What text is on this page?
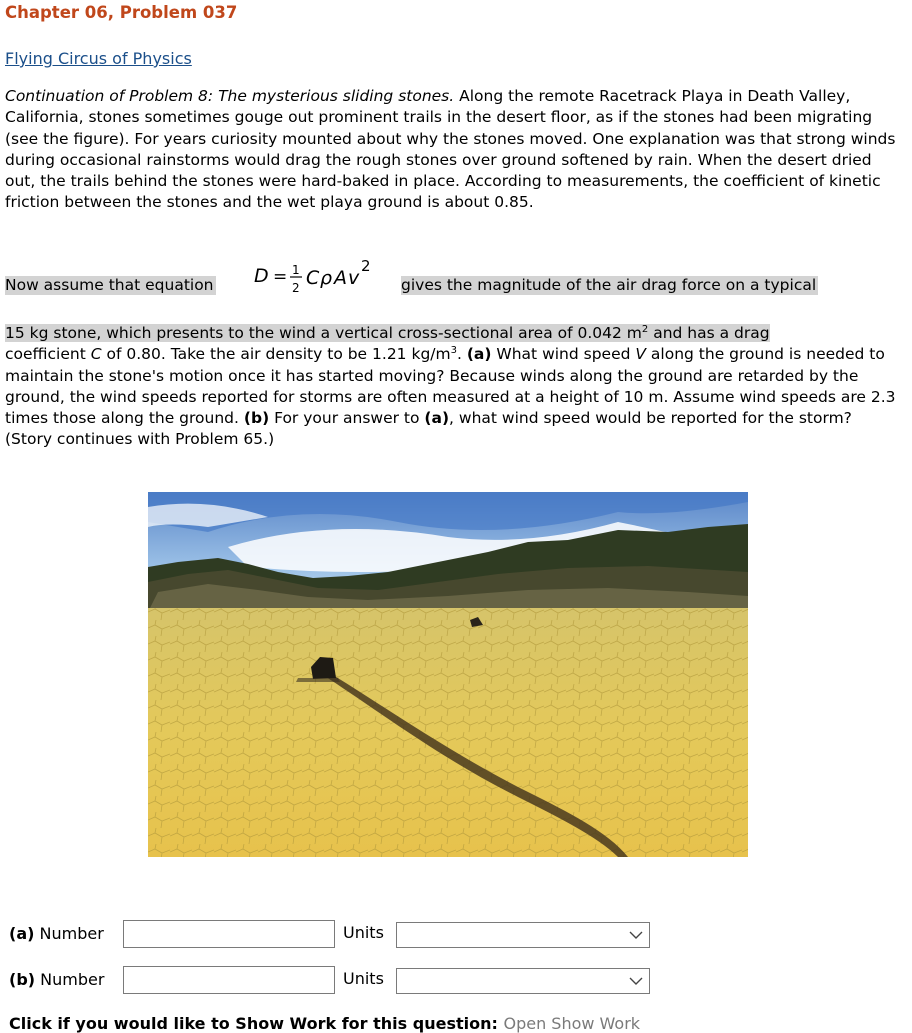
Chapter 06, Problem 037
Flying Circus of Physics
Continuation of Problem 8: The mysterious sliding stones. Along the remote Racetrack Playa in Death Valley, California, stones sometimes gouge out prominent trails in the desert floor, as if the stones had been migrating (see the figure). For years curiosity mounted about why the stones moved. One explanation was that strong winds during occasional rainstorms would drag the rough stones over ground softened by rain. When the desert dried out, the trails behind the stones were hard-baked in place. According to measurements, the coefficient of kinetic friction between the stones and the wet playa ground is about 0.85.
Now assume that equation D = 1
2 C ρ A v
2
gives the magnitude of the air drag force on a typical
15 kg stone, which presents to the wind a vertical cross-sectional area of 0.042 $m^2$ and has a drag
coefficient C of 0.80. Take the air density to be 1.21 $kg/m^3$. (a) What wind speed V along the ground is needed to maintain the stone's motion once it has started moving? Because winds along the ground are retarded by the ground, the wind speeds reported for storms are often measured at a height of 10 m. Assume wind speeds are 2.3 times those along the ground. (b) For your answer to (a), what wind speed would be reported for the storm? (Story continues with Problem 65.)
(a) Number	Units
(b) Number	Units
Click if you would like to Show Work for this question: Open Show Work
